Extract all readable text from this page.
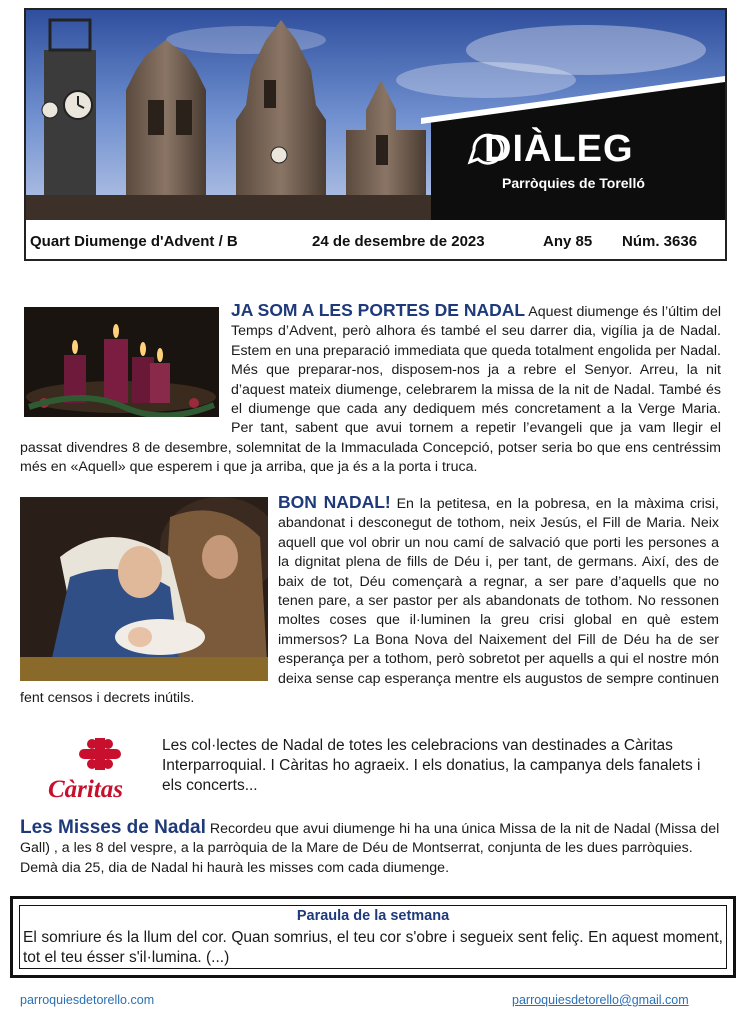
DIÀLEG
Parròquies de Torelló
Quart Diumenge d'Advent / B	24 de desembre de 2023	Any 85 Núm. 3636
JA SOM A LES PORTES DE NADAL Aquest diumenge és l’últim del Temps d’Advent, però alhora és també el seu darrer dia, vigília ja de Nadal. Estem en una preparació immediata que queda totalment engolida per Nadal. Més que preparar-nos, disposem-nos ja a rebre el Senyor. Arreu, la nit d’aquest mateix diumenge, celebrarem la missa de la nit de Nadal. També és el diumenge que cada any dediquem més concretament a la Verge Maria. Per tant, sabent que avui tornem a repetir l’evangeli que ja vam llegir el passat divendres 8 de desembre, solemnitat de la Immaculada Concepció, potser seria bo que ens centréssim més en «Aquell» que esperem i que ja arriba, que ja és a la porta i truca.
BON NADAL! En la petitesa, en la pobresa, en la màxima crisi, abandonat i desconegut de tothom, neix Jesús, el Fill de Maria. Neix aquell que vol obrir un nou camí de salvació que porti les persones a la dignitat plena de fills de Déu i, per tant, de germans. Així, des de baix de tot, Déu començarà a regnar, a ser pare d’aquells que no tenen pare, a ser pastor per als abandonats de tothom. No ressonen moltes coses que il·luminen la greu crisi global en què estem immersos? La Bona Nova del Naixement del Fill de Déu ha de ser esperança per a tothom, però sobretot per aquells a qui el nostre món deixa sense cap esperança mentre els augustos de sempre continuen fent censos i decrets inútils.
Càritas
Les col·lectes de Nadal de totes les celebracions van destinades a Càritas Interparroquial. I Càritas ho agraeix. I els donatius, la campanya dels fanalets i els concerts...
Les Misses de Nadal Recordeu que avui diumenge hi ha una única Missa de la nit de Nadal (Missa del Gall) , a les 8 del vespre, a la parròquia de la Mare de Déu de Montserrat, conjunta de les dues parròquies. Demà dia 25, dia de Nadal hi haurà les misses com cada diumenge.
Paraula de la setmana
El somriure és la llum del cor. Quan somrius, el teu cor s'obre i segueix sent feliç. En aquest moment, tot el teu ésser s'il·lumina. (...)
parroquiesdetorello.com	parroquiesdetorello@gmail.com
